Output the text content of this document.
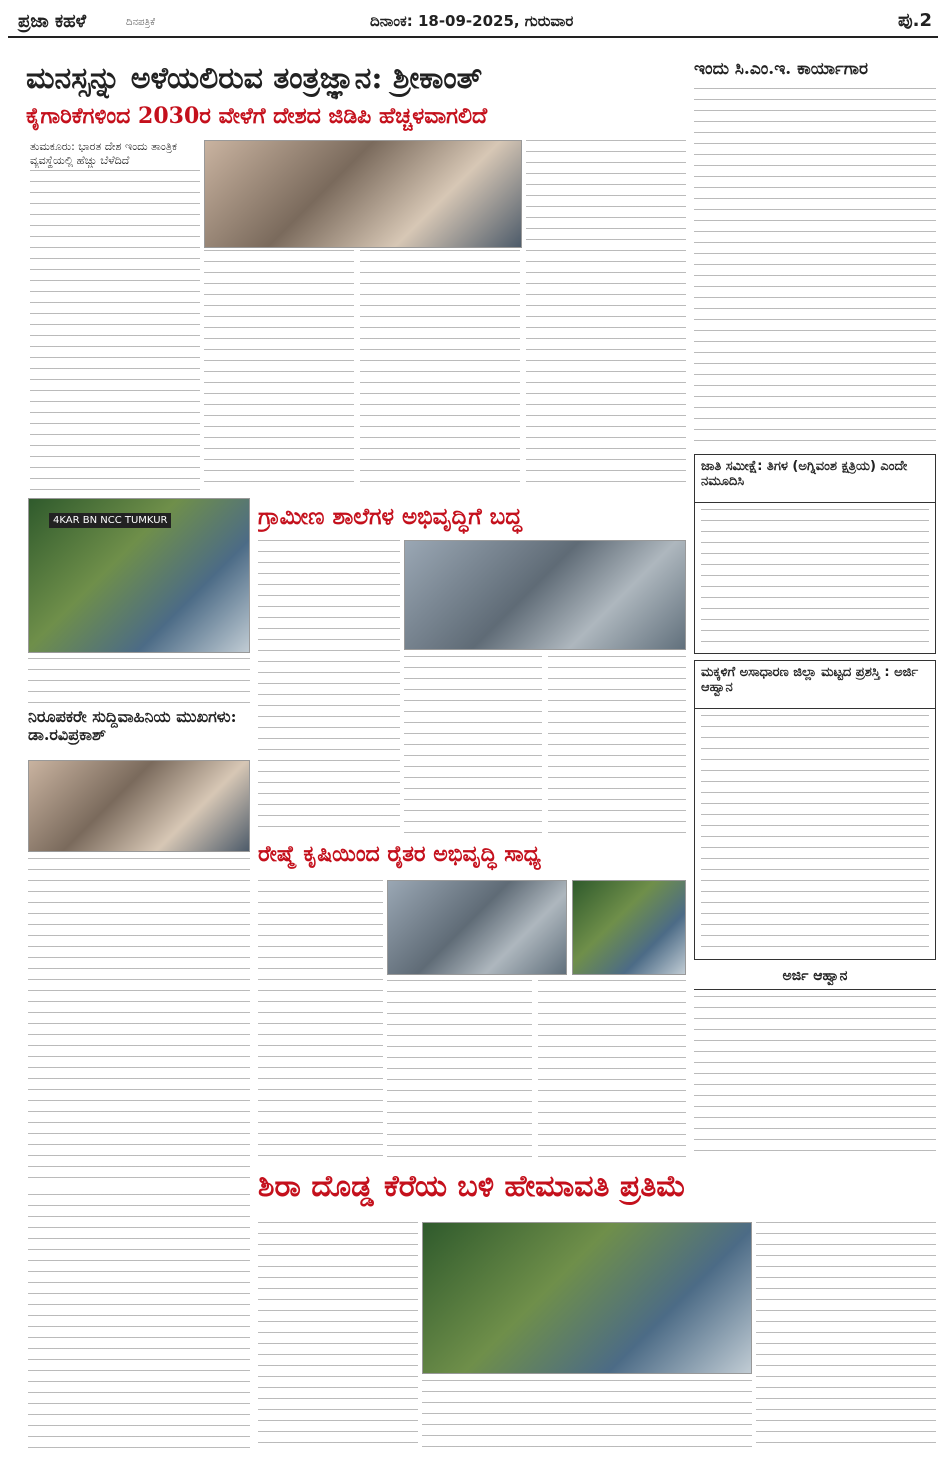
ಪ್ರಜಾ ಕಹಳೆ	ದಿನಪತ್ರಿಕೆ	ದಿನಾಂಕ: 18-09-2025, ಗುರುವಾರ	ಪು.2
ಮನಸ್ಸನ್ನು ಅಳೆಯಲಿರುವ ತಂತ್ರಜ್ಞಾನ: ಶ್ರೀಕಾಂತ್
ಕೈಗಾರಿಕೆಗಳಿಂದ 2030ರ ವೇಳೆಗೆ ದೇಶದ ಜಿಡಿಪಿ ಹೆಚ್ಚಳವಾಗಲಿದೆ
ತುಮಕೂರು: ಭಾರತ ದೇಶ ಇಂದು ತಾಂತ್ರಿಕ ವ್ಯವಸ್ಥೆಯಲ್ಲಿ ಹೆಚ್ಚು ಬೆಳೆದಿದೆ
4KAR BN NCC TUMKUR	ಗ್ರಾಮೀಣ ಶಾಲೆಗಳ ಅಭಿವೃದ್ಧಿಗೆ ಬದ್ಧ
ನಿರೂಪಕರೇ ಸುದ್ದಿವಾಹಿನಿಯ ಮುಖಗಳು: ಡಾ.ರವಿಪ್ರಕಾಶ್
ರೇಷ್ಮೆ ಕೃಷಿಯಿಂದ ರೈತರ ಅಭಿವೃದ್ಧಿ ಸಾಧ್ಯ
ಶಿರಾ ದೊಡ್ಡ ಕೆರೆಯ ಬಳಿ ಹೇಮಾವತಿ ಪ್ರತಿಮೆ
ಇಂದು ಸಿ.ಎಂ.ಇ. ಕಾರ್ಯಾಗಾರ
ಜಾತಿ ಸಮೀಕ್ಷೆ: ತಿಗಳ (ಅಗ್ನಿವಂಶ ಕ್ಷತ್ರಿಯ) ಎಂದೇ ನಮೂದಿಸಿ
ಮಕ್ಕಳಿಗೆ ಅಸಾಧಾರಣ ಜಿಲ್ಲಾ ಮಟ್ಟದ ಪ್ರಶಸ್ತಿ : ಅರ್ಜಿ ಆಹ್ವಾನ
ಅರ್ಜಿ ಆಹ್ವಾನ
